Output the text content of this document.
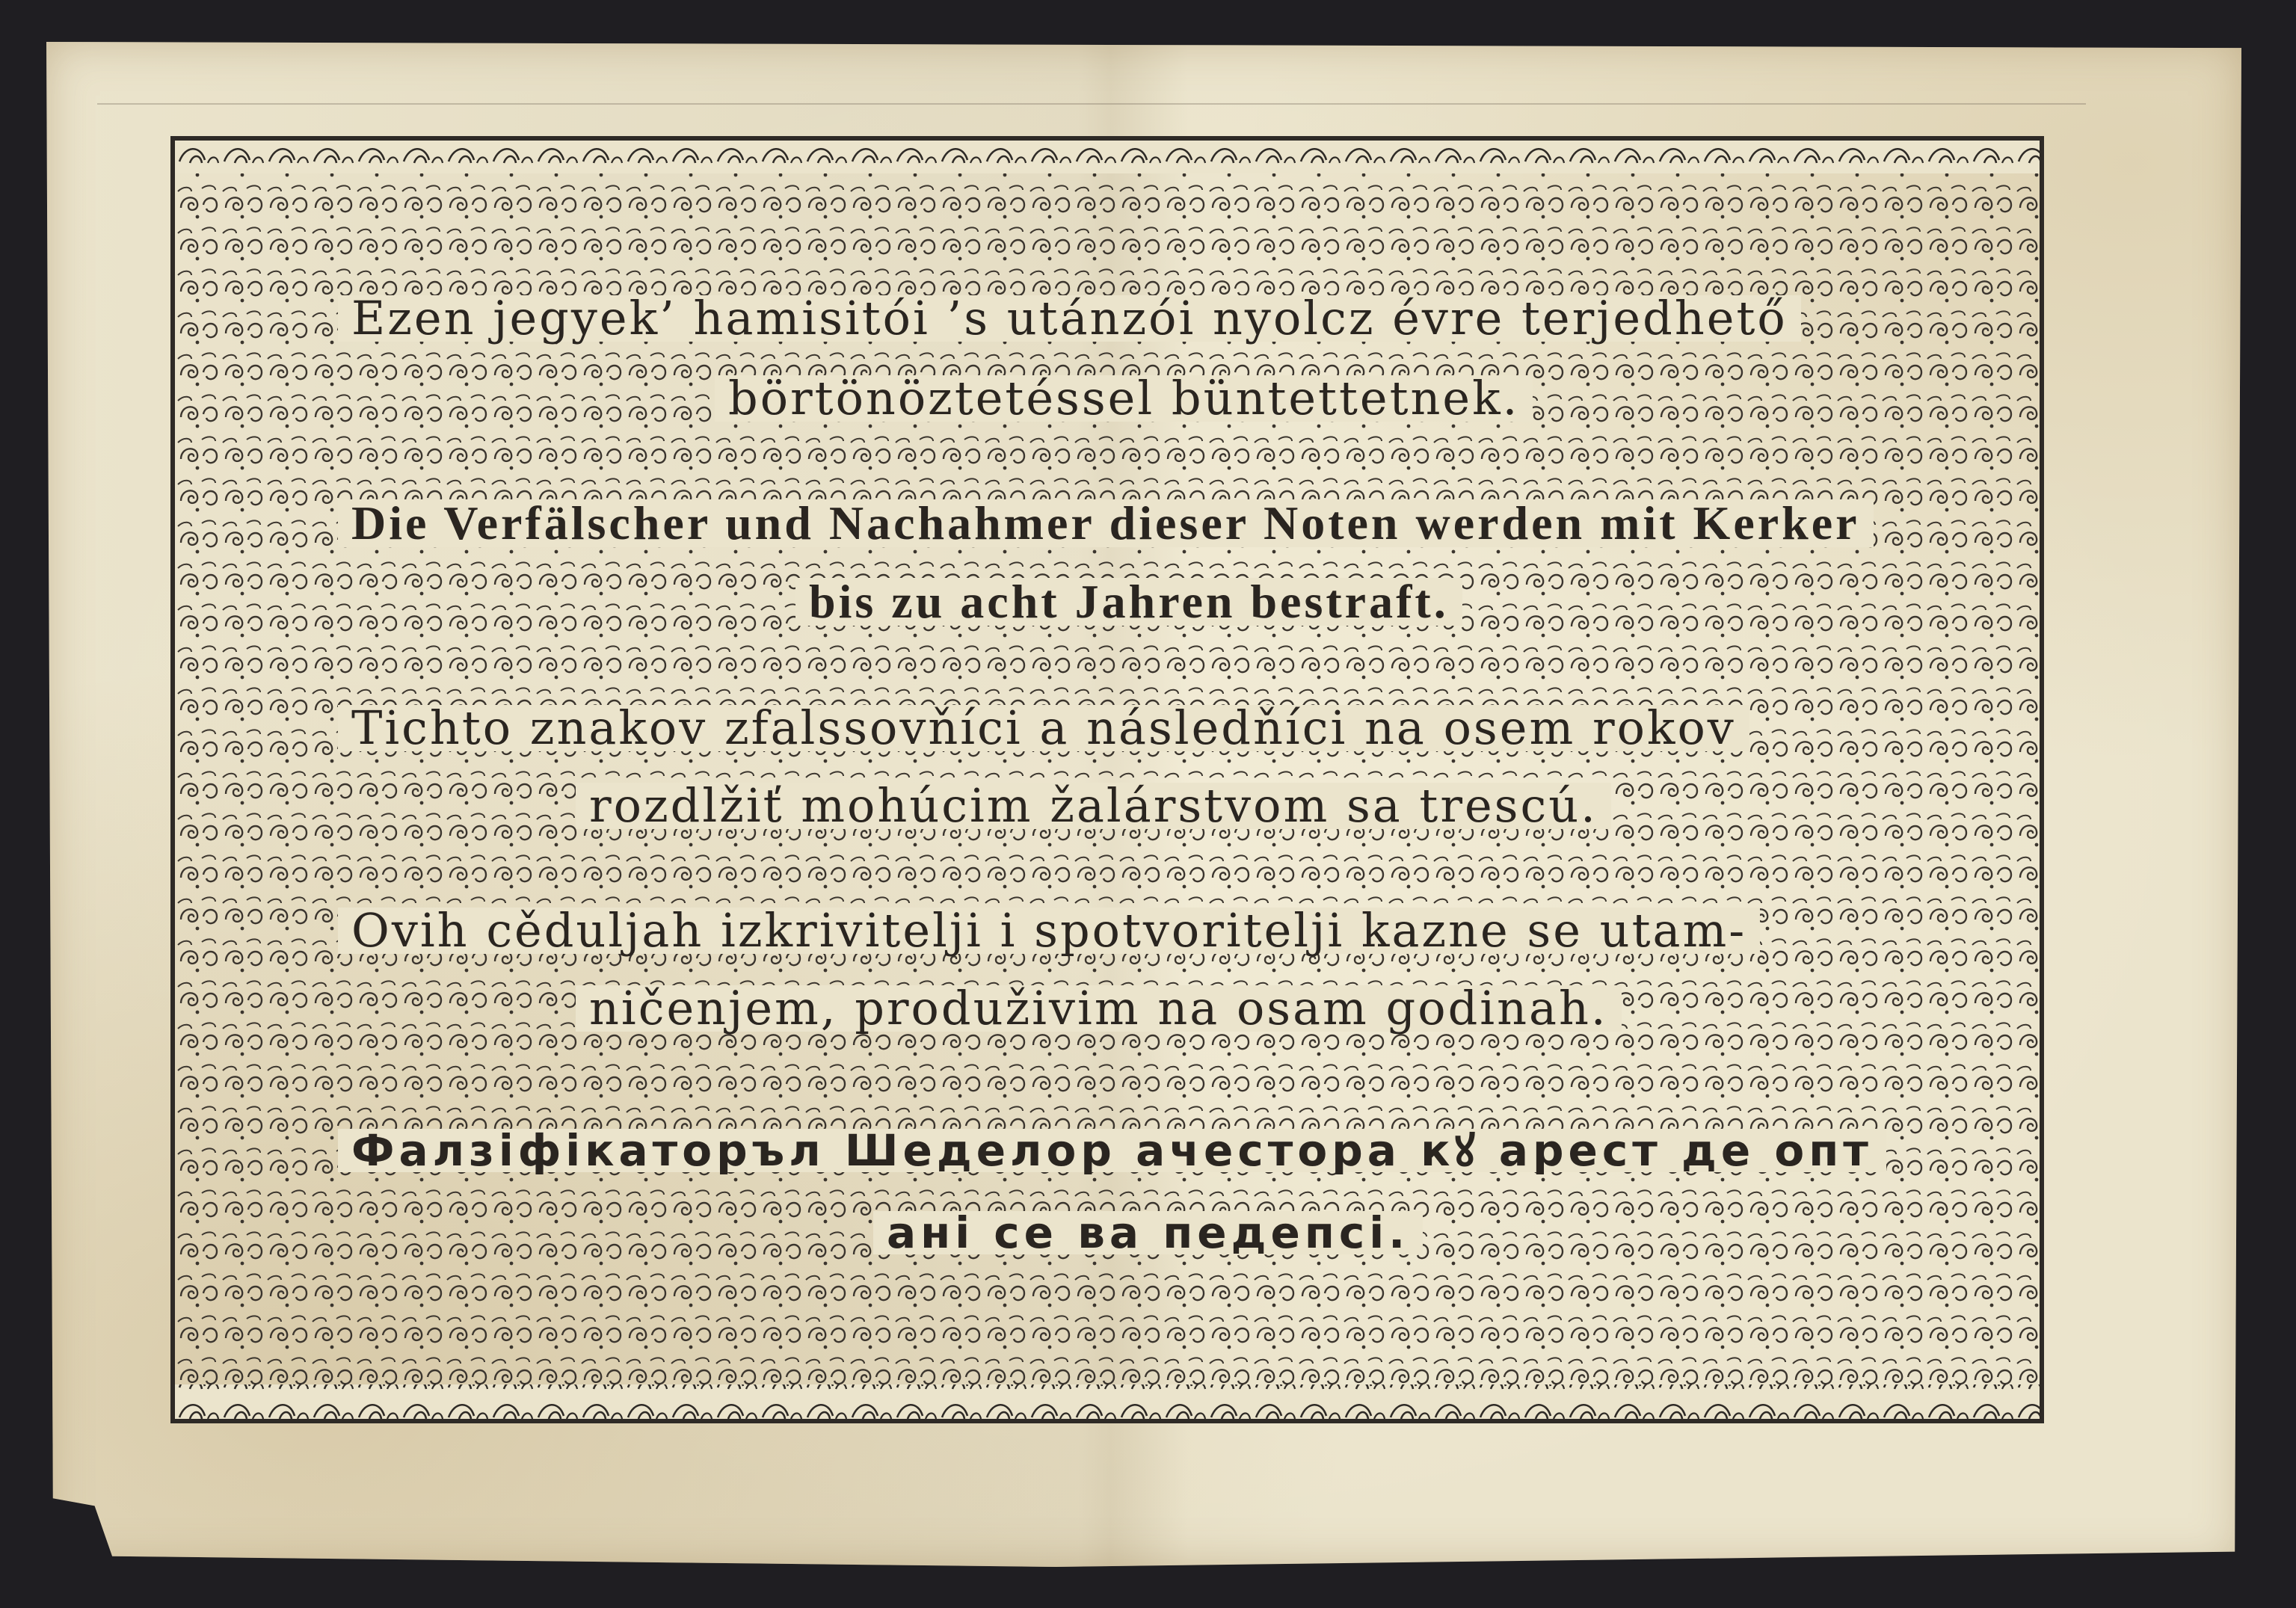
Ezen jegyek’ hamisitói ’s utánzói nyolcz évre terjedhető
börtönöztetéssel büntettetnek.
Die Verfälscher und Nachahmer dieser Noten werden mit Kerker
bis zu acht Jahren bestraft.
Tichto znakov zfalssovňíci a následňíci na osem rokov
rozdlžiť mohúcim žalárstvom sa trescú.
Ovih cěduljah izkrivitelji i spotvoritelji kazne se utam-
ničenjem, produživim na osam godinah.
Фалзіфікаторъл Шеделор ачестора кꙋ арест де опт
ані се ва педепсі.
